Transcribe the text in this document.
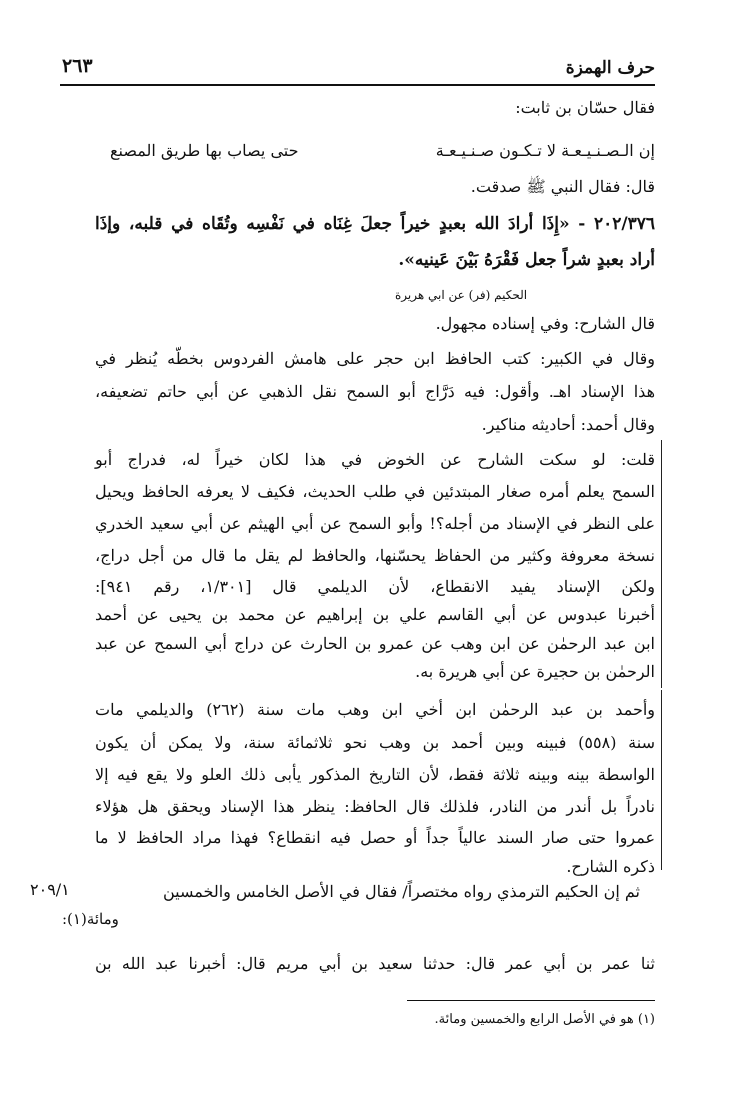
حرف الهمزة
٢٦٣
فقال حسّان بن ثابت:
إن الـصـنـيـعـة لا تـكـون صـنـيـعـة
حتى يصاب بها طريق المصنع
قال: فقال النبي ﷺ صدقت.
٢٠٢/٣٧٦ - «إِذَا أرادَ الله بعبدٍ خيراً جعلَ غِنَاه في نَفْسِه وتُقَاه في قلبه، وإذَا
أراد بعبدٍ شراً جعل فَقْرَهُ بَيْنَ عَينيه».
الحكيم (فر) عن ابي هريرة
قال الشارح: وفي إسناده مجهول.
وقال في الكبير: كتب الحافظ ابن حجر على هامش الفردوس بخطّه يُنظر في
هذا الإسناد اهـ. وأقول: فيه دَرَّاج أبو السمح نقل الذهبي عن أبي حاتم تضعيفه،
وقال أحمد: أحاديثه مناكير.
قلت: لو سكت الشارح عن الخوض في هذا لكان خيراً له، فدراج أبو
السمح يعلم أمره صغار المبتدئين في طلب الحديث، فكيف لا يعرفه الحافظ ويحيل
على النظر في الإسناد من أجله؟! وأبو السمح عن أبي الهيثم عن أبي سعيد الخدري
نسخة معروفة وكثير من الحفاظ يحسّنها، والحافظ لم يقل ما قال من أجل دراج،
ولكن الإسناد يفيد الانقطاع، لأن الديلمي قال [١/٣٠١، رقم ٩٤١]:
أخبرنا عبدوس عن أبي القاسم علي بن إبراهيم عن محمد بن يحيى عن أحمد
ابن عبد الرحمٰن عن ابن وهب عن عمرو بن الحارث عن دراج أبي السمح عن عبد
الرحمٰن بن حجيرة عن أبي هريرة به.
وأحمد بن عبد الرحمٰن ابن أخي ابن وهب مات سنة (٢٦٢) والديلمي مات
سنة (٥٥٨) فبينه وبين أحمد بن وهب نحو ثلاثمائة سنة، ولا يمكن أن يكون
الواسطة بينه وبينه ثلاثة فقط، لأن التاريخ المذكور يأبى ذلك العلو ولا يقع فيه إلا
نادراً بل أندر من النادر، فلذلك قال الحافظ: ينظر هذا الإسناد ويحقق هل هؤلاء
عمروا حتى صار السند عالياً جداً أو حصل فيه انقطاع؟ فهذا مراد الحافظ لا ما
ذكره الشارح.
ثم إن الحكيم الترمذي رواه مختصراً/ فقال في الأصل الخامس والخمسين
٢٠٩/١
ومائة(١):
ثنا عمر بن أبي عمر قال: حدثنا سعيد بن أبي مريم قال: أخبرنا عبد الله بن
(١) هو في الأصل الرابع والخمسين ومائة.
